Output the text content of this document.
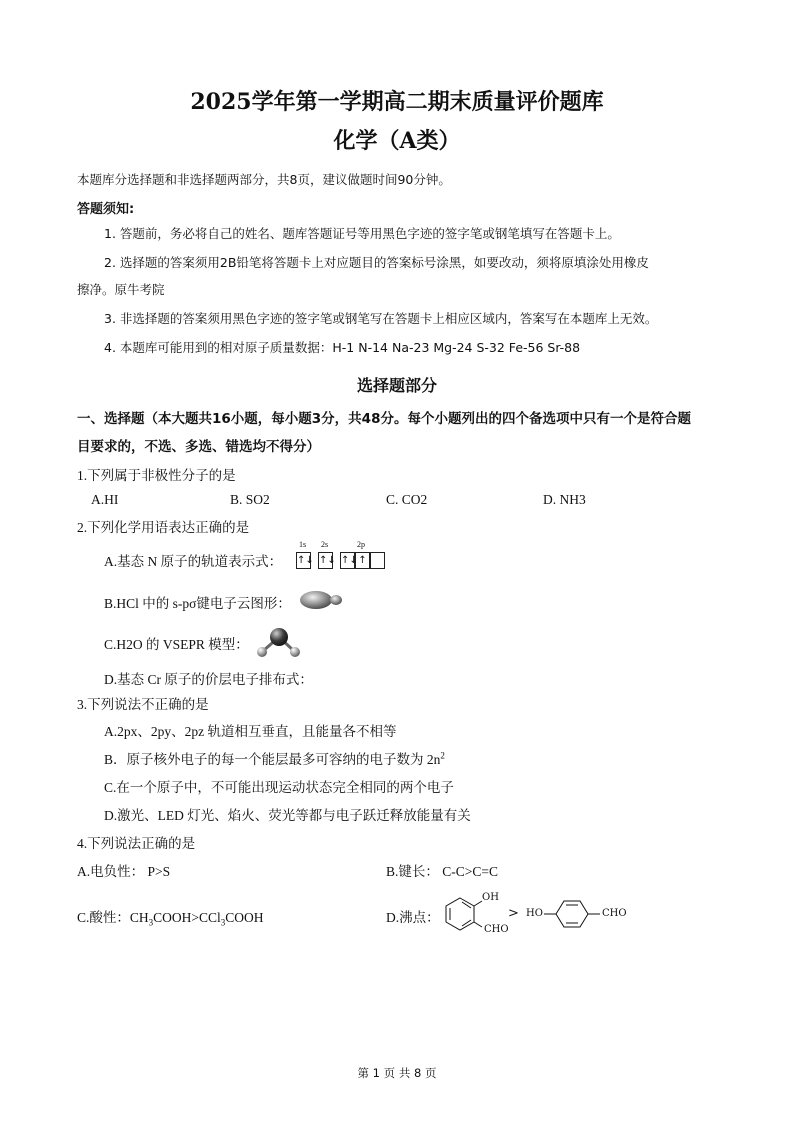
2025学年第一学期高二期末质量评价题库
化学（A类）
本题库分选择题和非选择题两部分，共8页，建议做题时间90分钟。
答题须知:
1. 答题前，务必将自己的姓名、题库答题证号等用黑色字迹的签字笔或钢笔填写在答题卡上。
2. 选择题的答案须用2B铅笔将答题卡上对应题目的答案标号涂黑，如要改动，须将原填涂处用橡皮
擦净。原牛考院
3. 非选择题的答案须用黑色字迹的签字笔或钢笔写在答题卡上相应区域内，答案写在本题库上无效。
4. 本题库可能用到的相对原子质量数据：H-1 N-14 Na-23 Mg-24 S-32 Fe-56 Sr-88
选择题部分
一、选择题（本大题共16小题，每小题3分，共48分。每个小题列出的四个备选项中只有一个是符合题
目要求的，不选、多选、错选均不得分）
1.下列属于非极性分子的是
A.HI	B. SO2	C. CO2	D. NH3
2.下列化学用语表达正确的是
A.基态 N 原子的轨道表示式：
1s 2s	2p
↑↓ ↑↓ ↑↓ ↑
B.HCl 中的 s-pσ键电子云图形：
C.H2O 的 VSEPR 模型：
D.基态 Cr 原子的价层电子排布式：
3.下列说法不正确的是
A.2px、2py、2pz 轨道相互垂直，且能量各不相等
B．原子核外电子的每一个能层最多可容纳的电子数为 $2n^2$
C.在一个原子中，不可能出现运动状态完全相同的两个电子
D.激光、LED 灯光、焰火、荧光等都与电子跃迁释放能量有关
4.下列说法正确的是
A.电负性： P>S	B.键长： C-C>C=C
C.酸性：$CH_3COOH>CCl_3COOH$	D.沸点：
OH
CHO
> HO	CHO
第 1 页 共 8 页
